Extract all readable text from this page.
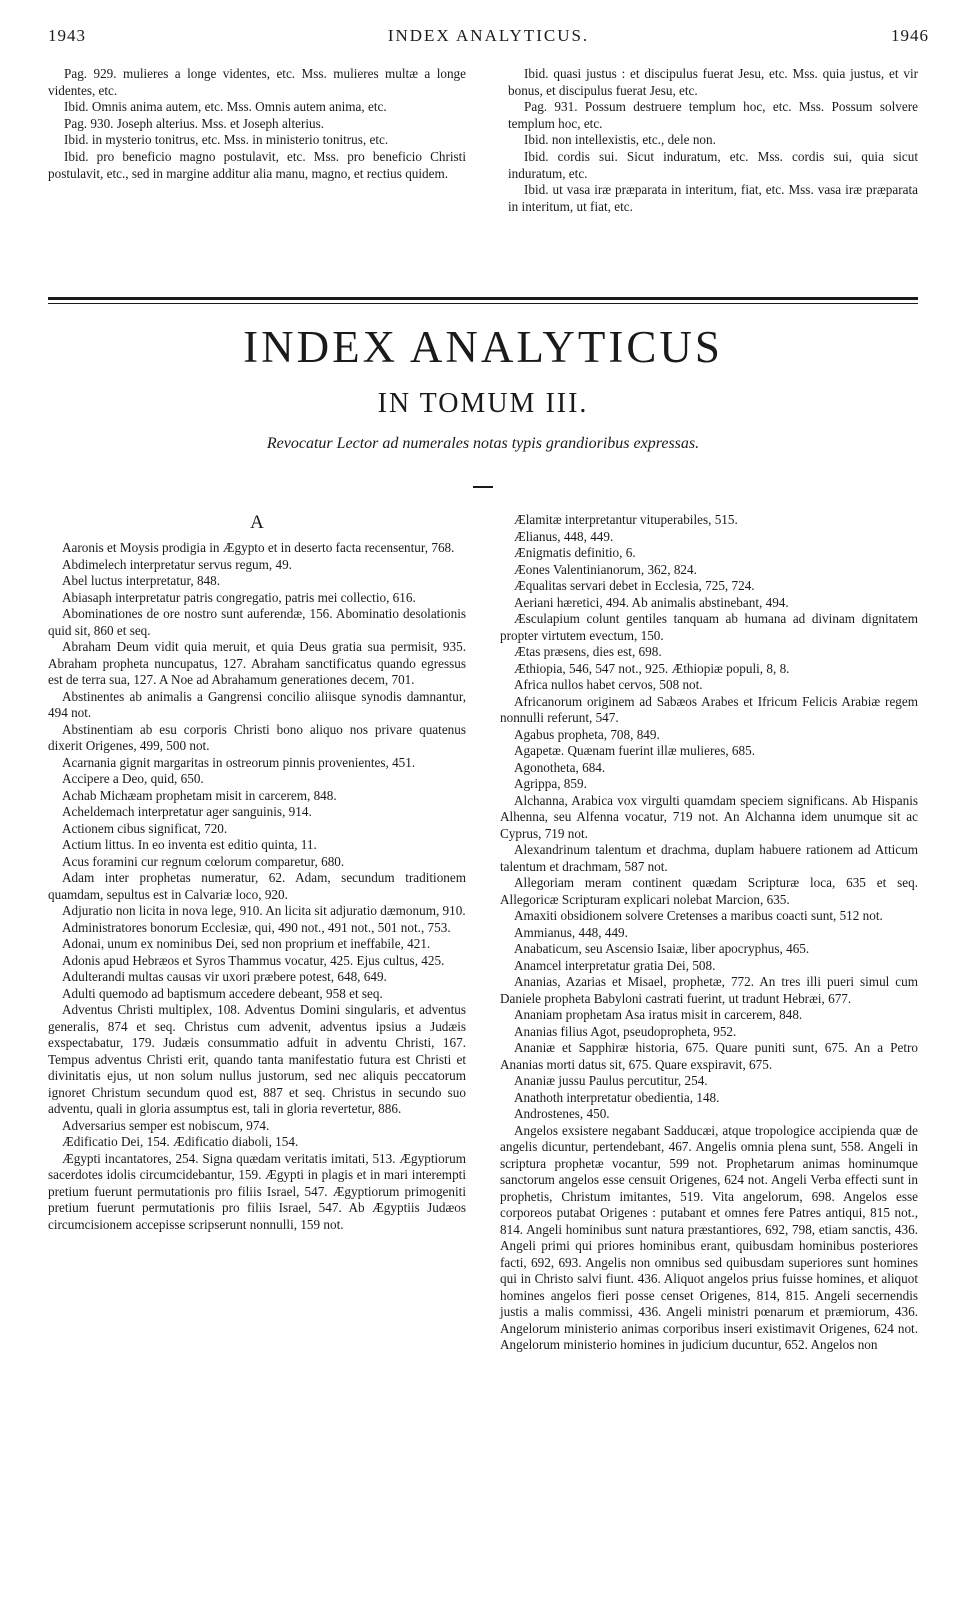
1943	INDEX ANALYTICUS.	1946

Pag. 929. mulieres a longe videntes, etc. Mss. mulieres multæ a longe videntes, etc.

Ibid. Omnis anima autem, etc. Mss. Omnis autem anima, etc.

Pag. 930. Joseph alterius. Mss. et Joseph alterius.

Ibid. in mysterio tonitrus, etc. Mss. in ministerio tonitrus, etc.

Ibid. pro beneficio magno postulavit, etc. Mss. pro beneficio Christi postulavit, etc., sed in margine additur alia manu, magno, et rectius quidem.

Ibid. quasi justus : et discipulus fuerat Jesu, etc. Mss. quia justus, et vir bonus, et discipulus fuerat Jesu, etc.

Pag. 931. Possum destruere templum hoc, etc. Mss. Possum solvere templum hoc, etc.

Ibid. non intellexistis, etc., dele non.

Ibid. cordis sui. Sicut induratum, etc. Mss. cordis sui, quia sicut induratum, etc.

Ibid. ut vasa iræ præparata in interitum, fiat, etc. Mss. vasa iræ præparata in interitum, ut fiat, etc.

INDEX ANALYTICUS
IN TOMUM III.
Revocatur Lector ad numerales notas typis grandioribus expressas.
A

Aaronis et Moysis prodigia in Ægypto et in deserto facta recensentur, 768.

Abdimelech interpretatur servus regum, 49.

Abel luctus interpretatur, 848.

Abiasaph interpretatur patris congregatio, patris mei collectio, 616.

Abominationes de ore nostro sunt auferendæ, 156. Abominatio desolationis quid sit, 860 et seq.

Abraham Deum vidit quia meruit, et quia Deus gratia sua permisit, 935. Abraham propheta nuncupatus, 127. Abraham sanctificatus quando egressus est de terra sua, 127. A Noe ad Abrahamum generationes decem, 701.

Abstinentes ab animalis a Gangrensi concilio aliisque synodis damnantur, 494 not.

Abstinentiam ab esu corporis Christi bono aliquo nos privare quatenus dixerit Origenes, 499, 500 not.

Acarnania gignit margaritas in ostreorum pinnis provenientes, 451.

Accipere a Deo, quid, 650.

Achab Michæam prophetam misit in carcerem, 848.

Acheldemach interpretatur ager sanguinis, 914.

Actionem cibus significat, 720.

Actium littus. In eo inventa est editio quinta, 11.

Acus foramini cur regnum cœlorum comparetur, 680.

Adam inter prophetas numeratur, 62. Adam, secundum traditionem quamdam, sepultus est in Calvariæ loco, 920.

Adjuratio non licita in nova lege, 910. An licita sit adjuratio dæmonum, 910.

Administratores bonorum Ecclesiæ, qui, 490 not., 491 not., 501 not., 753.

Adonai, unum ex nominibus Dei, sed non proprium et ineffabile, 421.

Adonis apud Hebræos et Syros Thammus vocatur, 425. Ejus cultus, 425.

Adulterandi multas causas vir uxori præbere potest, 648, 649.

Adulti quemodo ad baptismum accedere debeant, 958 et seq.

Adventus Christi multiplex, 108. Adventus Domini singularis, et adventus generalis, 874 et seq. Christus cum advenit, adventus ipsius a Judæis exspectabatur, 179. Judæis consummatio adfuit in adventu Christi, 167. Tempus adventus Christi erit, quando tanta manifestatio futura est Christi et divinitatis ejus, ut non solum nullus justorum, sed nec aliquis peccatorum ignoret Christum secundum quod est, 887 et seq. Christus in secundo suo adventu, quali in gloria assumptus est, tali in gloria revertetur, 886.

Adversarius semper est nobiscum, 974.

Ædificatio Dei, 154. Ædificatio diaboli, 154.

Ægypti incantatores, 254. Signa quædam veritatis imitati, 513. Ægyptiorum sacerdotes idolis circumcidebantur, 159. Ægypti in plagis et in mari interempti pretium fuerunt permutationis pro filiis Israel, 547. Ægyptiorum primogeniti pretium fuerunt permutationis pro filiis Israel, 547. Ab Ægyptiis Judæos circumcisionem accepisse scripserunt nonnulli, 159 not.

Ælamitæ interpretantur vituperabiles, 515.

Ælianus, 448, 449.

Ænigmatis definitio, 6.

Æones Valentinianorum, 362, 824.

Æqualitas servari debet in Ecclesia, 725, 724.

Aeriani hæretici, 494. Ab animalis abstinebant, 494.

Æsculapium colunt gentiles tanquam ab humana ad divinam dignitatem propter virtutem evectum, 150.

Ætas præsens, dies est, 698.

Æthiopia, 546, 547 not., 925. Æthiopiæ populi, 8, 8.

Africa nullos habet cervos, 508 not.

Africanorum originem ad Sabæos Arabes et Ifricum Felicis Arabiæ regem nonnulli referunt, 547.

Agabus propheta, 708, 849.

Agapetæ. Quænam fuerint illæ mulieres, 685.

Agonotheta, 684.

Agrippa, 859.

Alchanna, Arabica vox virgulti quamdam speciem significans. Ab Hispanis Alhenna, seu Alfenna vocatur, 719 not. An Alchanna idem unumque sit ac Cyprus, 719 not.

Alexandrinum talentum et drachma, duplam habuere rationem ad Atticum talentum et drachmam, 587 not.

Allegoriam meram continent quædam Scripturæ loca, 635 et seq. Allegoricæ Scripturam explicari nolebat Marcion, 635.

Amaxiti obsidionem solvere Cretenses a maribus coacti sunt, 512 not.

Ammianus, 448, 449.

Anabaticum, seu Ascensio Isaiæ, liber apocryphus, 465.

Anamcel interpretatur gratia Dei, 508.

Ananias, Azarias et Misael, prophetæ, 772. An tres illi pueri simul cum Daniele propheta Babyloni castrati fuerint, ut tradunt Hebræi, 677.

Ananiam prophetam Asa iratus misit in carcerem, 848.

Ananias filius Agot, pseudopropheta, 952.

Ananiæ et Sapphiræ historia, 675. Quare puniti sunt, 675. An a Petro Ananias morti datus sit, 675. Quare exspiravit, 675.

Ananiæ jussu Paulus percutitur, 254.

Anathoth interpretatur obedientia, 148.

Androstenes, 450.

Angelos exsistere negabant Sadducæi, atque tropologice accipienda quæ de angelis dicuntur, pertendebant, 467. Angelis omnia plena sunt, 558. Angeli in scriptura prophetæ vocantur, 599 not. Prophetarum animas hominumque sanctorum angelos esse censuit Origenes, 624 not. Angeli Verba effecti sunt in prophetis, Christum imitantes, 519. Vita angelorum, 698. Angelos esse corporeos putabat Origenes : putabant et omnes fere Patres antiqui, 815 not., 814. Angeli hominibus sunt natura præstantiores, 692, 798, etiam sanctis, 436. Angeli primi qui priores hominibus erant, quibusdam hominibus posteriores facti, 692, 693. Angelis non omnibus sed quibusdam superiores sunt homines qui in Christo salvi fiunt. 436. Aliquot angelos prius fuisse homines, et aliquot homines angelos fieri posse censet Origenes, 814, 815. Angeli secernendis justis a malis commissi, 436. Angeli ministri pœnarum et præmiorum, 436. Angelorum ministerio animas corporibus inseri existimavit Origenes, 624 not. Angelorum ministerio homines in judicium ducuntur, 652. Angelos non
